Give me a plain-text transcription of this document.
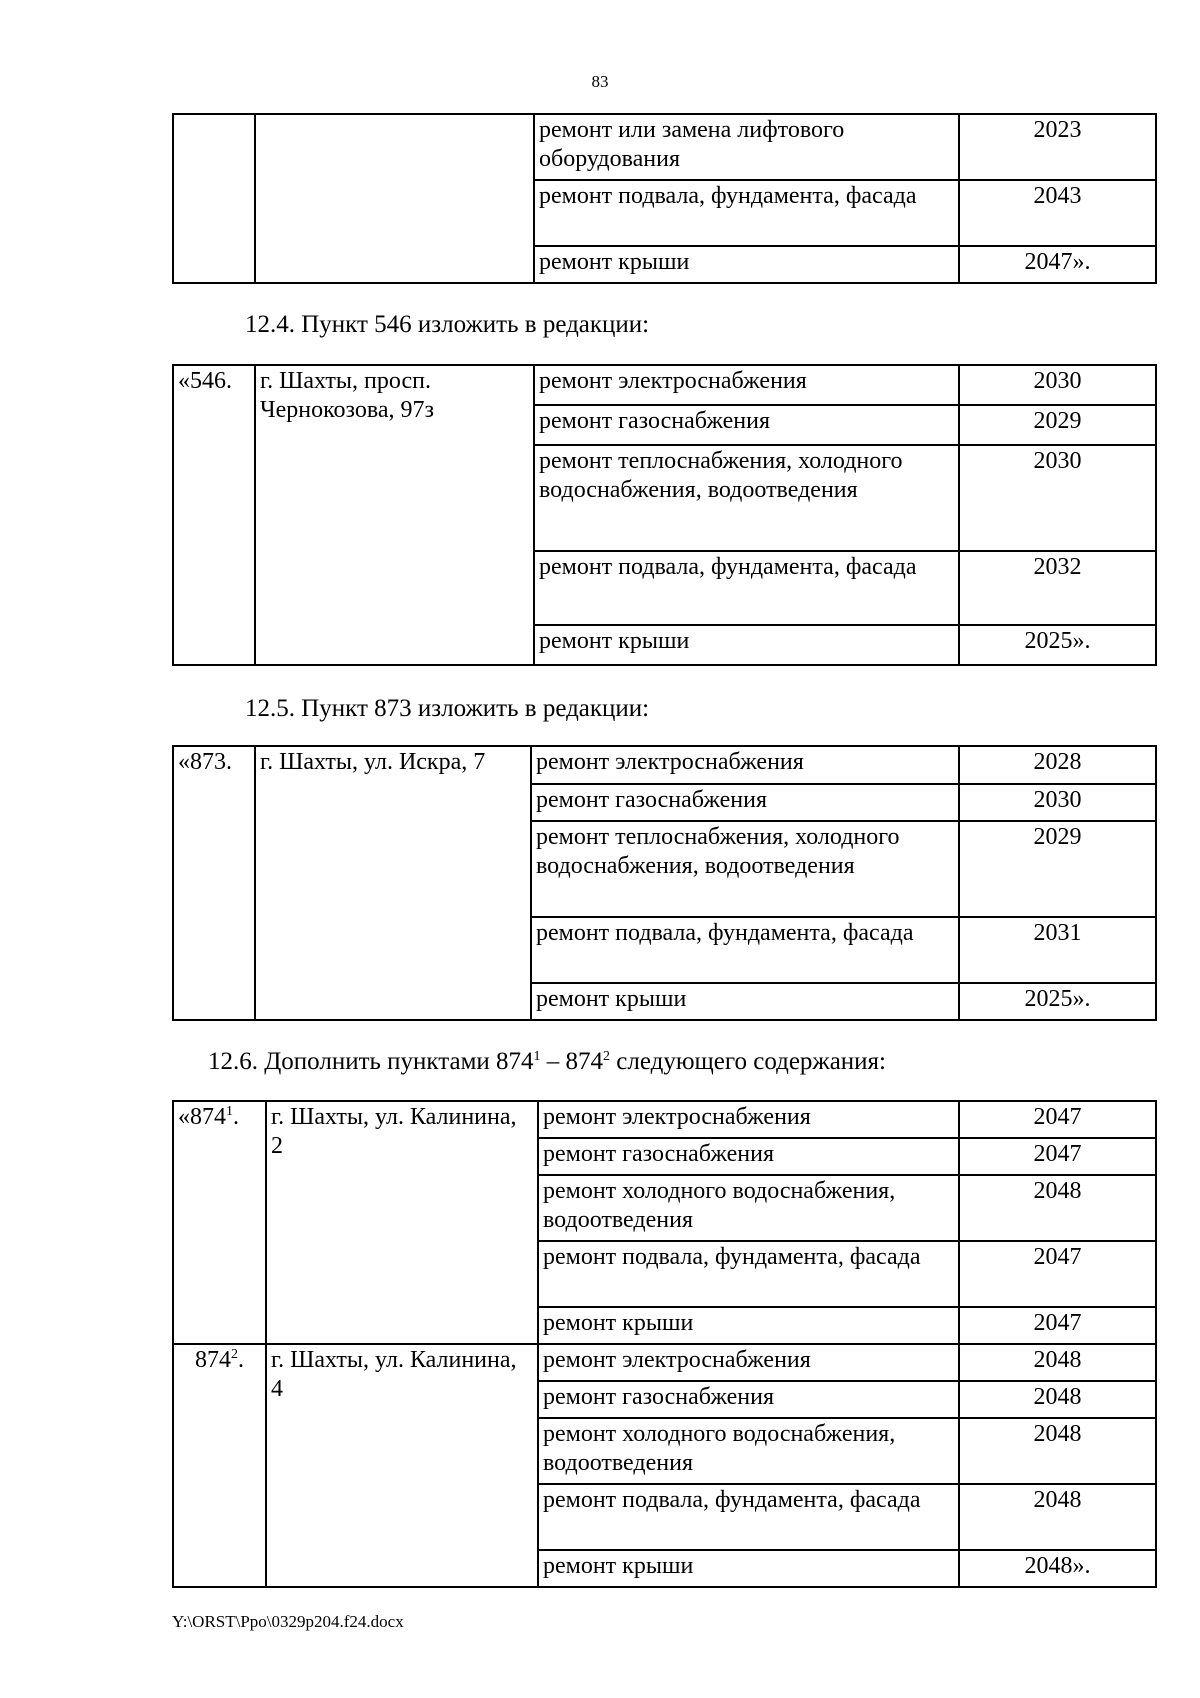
83
		ремонт или замена лифтового оборудования	2023
		ремонт подвала, фундамента, фасада	2043
		ремонт крыши	2047».
12.4. Пункт 546 изложить в редакции:
«546.	г. Шахты, просп. Чернокозова, 97з	ремонт электроснабжения	2030
		ремонт газоснабжения	2029
		ремонт теплоснабжения, холодного водоснабжения, водоотведения	2030
		ремонт подвала, фундамента, фасада	2032
		ремонт крыши	2025».
12.5. Пункт 873 изложить в редакции:
«873.	г. Шахты, ул. Искра, 7	ремонт электроснабжения	2028
		ремонт газоснабжения	2030
		ремонт теплоснабжения, холодного водоснабжения, водоотведения	2029
		ремонт подвала, фундамента, фасада	2031
		ремонт крыши	2025».
12.6. Дополнить пунктами $874^1 - 874^2$ следующего содержания:
«$874^1$.	г. Шахты, ул. Калинина, 2	ремонт электроснабжения	2047
		ремонт газоснабжения	2047
		ремонт холодного водоснабжения, водоотведения	2048
		ремонт подвала, фундамента, фасада	2047
		ремонт крыши	2047
$874^2$.	г. Шахты, ул. Калинина, 4	ремонт электроснабжения	2048
		ремонт газоснабжения	2048
		ремонт холодного водоснабжения, водоотведения	2048
		ремонт подвала, фундамента, фасада	2048
		ремонт крыши	2048».
Y:\ORST\Ppo\0329p204.f24.docx
